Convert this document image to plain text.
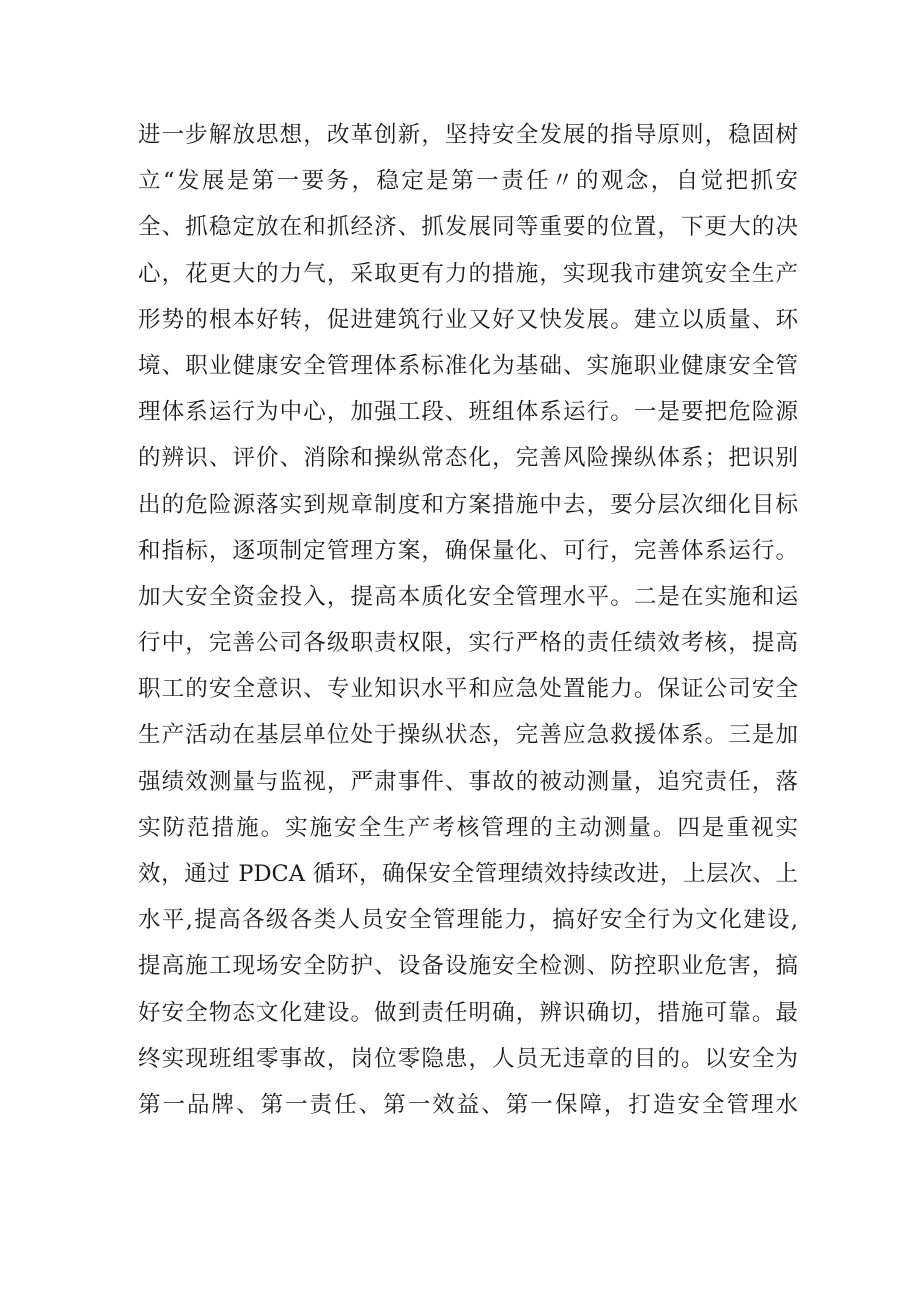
进一步解放思想，改革创新，坚持安全发展的指导原则，稳固树
立“发展是第一要务，稳定是第一责任〃的观念，自觉把抓安
全、抓稳定放在和抓经济、抓发展同等重要的位置，下更大的决
心，花更大的力气，采取更有力的措施，实现我市建筑安全生产
形势的根本好转，促进建筑行业又好又快发展。建立以质量、环
境、职业健康安全管理体系标准化为基础、实施职业健康安全管
理体系运行为中心，加强工段、班组体系运行。一是要把危险源
的辨识、评价、消除和操纵常态化，完善风险操纵体系；把识别
出的危险源落实到规章制度和方案措施中去，要分层次细化目标
和指标，逐项制定管理方案，确保量化、可行，完善体系运行。
加大安全资金投入，提高本质化安全管理水平。二是在实施和运
行中，完善公司各级职责权限，实行严格的责任绩效考核，提高
职工的安全意识、专业知识水平和应急处置能力。保证公司安全
生产活动在基层单位处于操纵状态，完善应急救援体系。三是加
强绩效测量与监视，严肃事件、事故的被动测量，追究责任，落
实防范措施。实施安全生产考核管理的主动测量。四是重视实
效，通过 PDCA 循环，确保安全管理绩效持续改进，上层次、上
水平,提高各级各类人员安全管理能力，搞好安全行为文化建设,
提高施工现场安全防护、设备设施安全检测、防控职业危害，搞
好安全物态文化建设。做到责任明确，辨识确切，措施可靠。最
终实现班组零事故，岗位零隐患，人员无违章的目的。以安全为
第一品牌、第一责任、第一效益、第一保障，打造安全管理水
